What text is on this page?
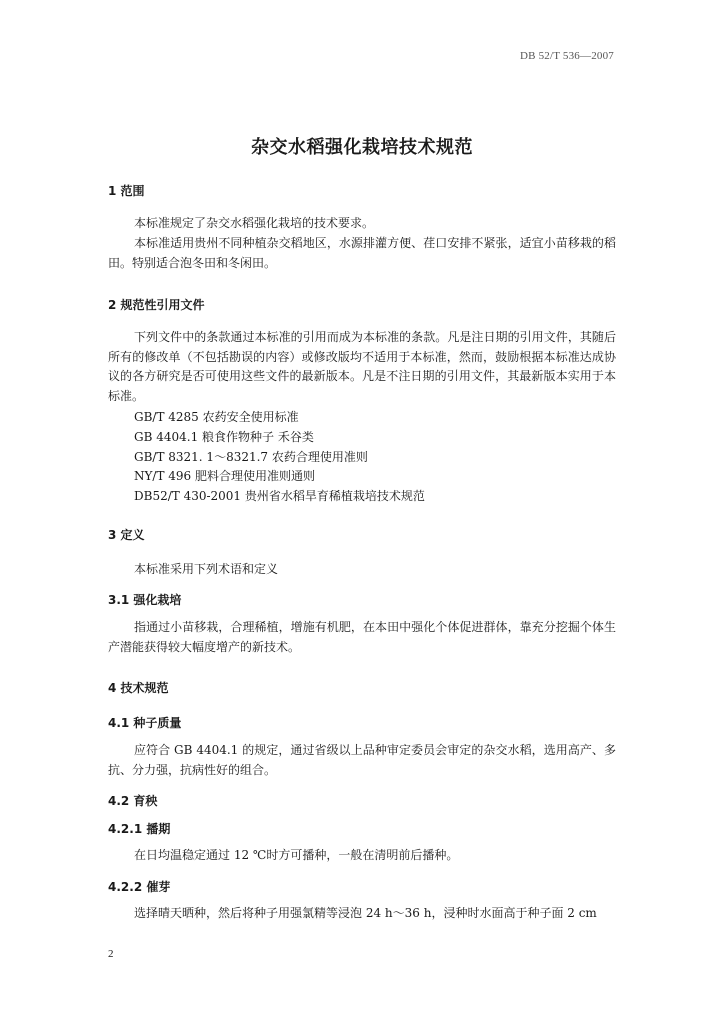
DB 52/T 536—2007
杂交水稻强化栽培技术规范
1 范围
本标准规定了杂交水稻强化栽培的技术要求。
本标准适用贵州不同种植杂交稻地区，水源排灌方便、荏口安排不紧张，适宜小苗移栽的稻田。特别适合泡冬田和冬闲田。
2 规范性引用文件
下列文件中的条款通过本标准的引用而成为本标准的条款。凡是注日期的引用文件，其随后所有的修改单（不包括勘误的内容）或修改版均不适用于本标准，然而，鼓励根据本标准达成协议的各方研究是否可使用这些文件的最新版本。凡是不注日期的引用文件，其最新版本实用于本标准。
GB/T 4285 农药安全使用标准
GB 4404.1 粮食作物种子 禾谷类
GB/T 8321. 1～8321.7 农药合理使用准则
NY/T 496 肥料合理使用准则通则
DB52/T 430-2001 贵州省水稻旱育稀植栽培技术规范
3 定义
本标准采用下列术语和定义
3.1 强化栽培
指通过小苗移栽，合理稀植，增施有机肥，在本田中强化个体促进群体，靠充分挖掘个体生产潜能获得较大幅度增产的新技术。
4 技术规范
4.1 种子质量
应符合 GB 4404.1 的规定，通过省级以上品种审定委员会审定的杂交水稻，选用高产、多抗、分力强，抗病性好的组合。
4.2 育秧
4.2.1 播期
在日均温稳定通过 12 ℃时方可播种，一般在清明前后播种。
4.2.2 催芽
选择晴天晒种，然后将种子用强氯精等浸泡 24 h～36 h，浸种时水面高于种子面 2 cm
2
